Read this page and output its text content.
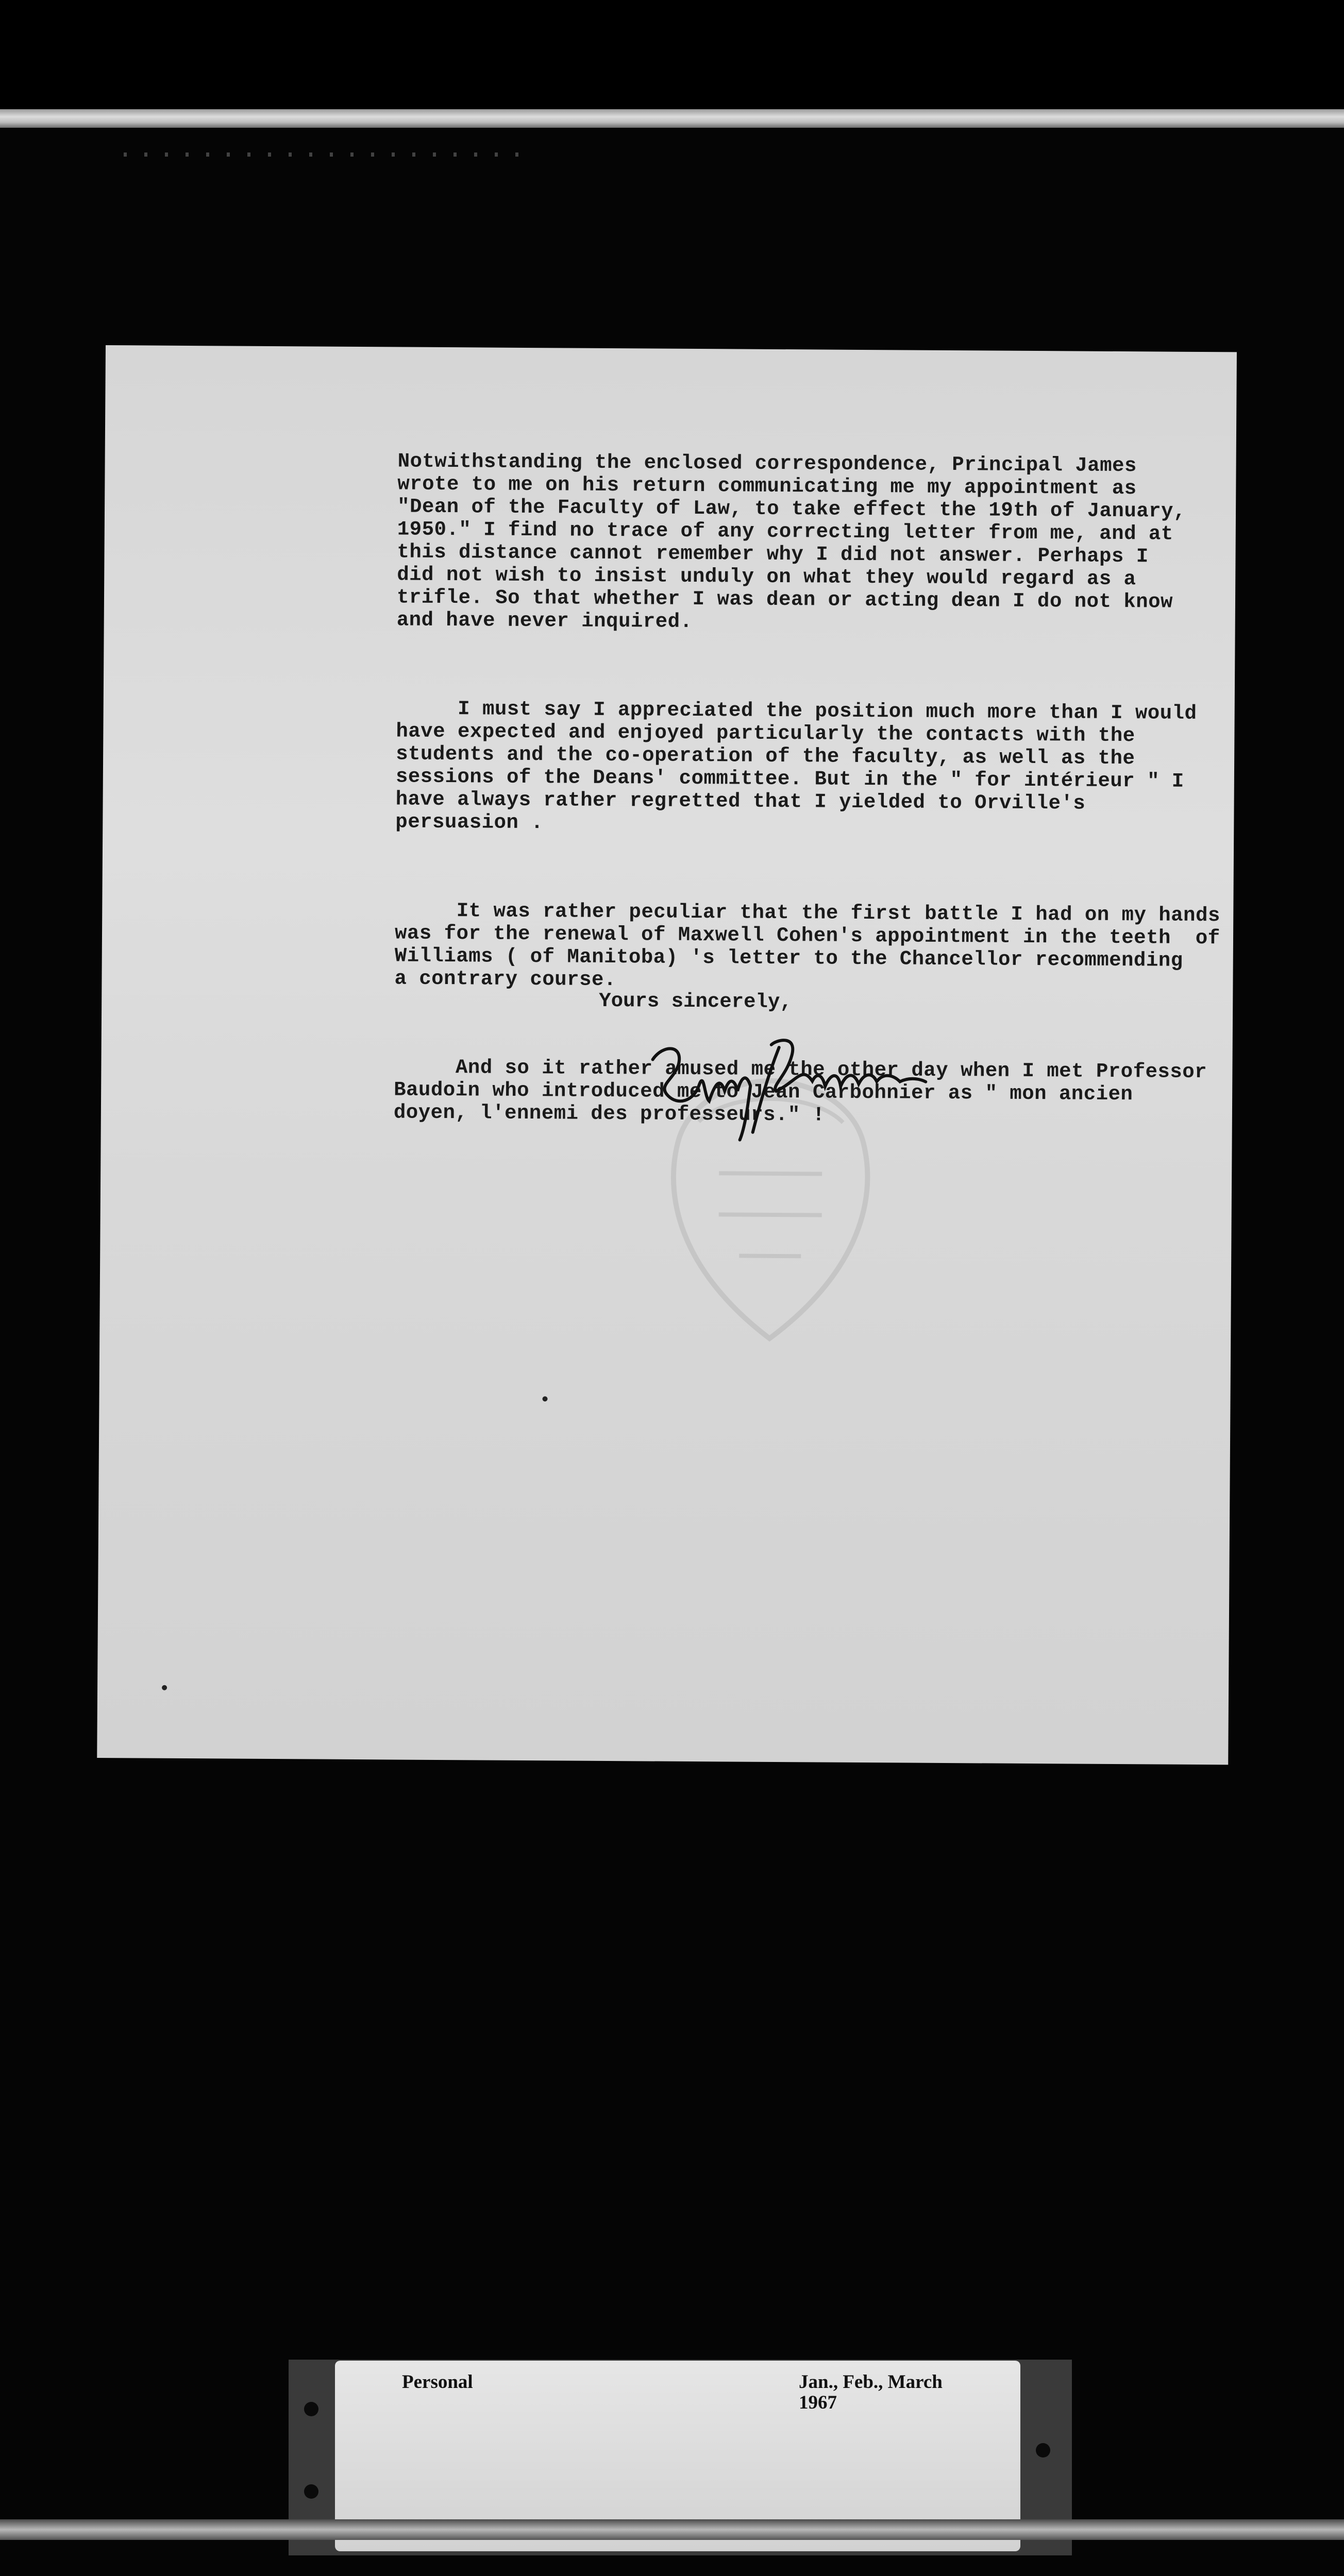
Notwithstanding the enclosed correspondence, Principal James
wrote to me on his return communicating me my appointment as
"Dean of the Faculty of Law, to take effect the 19th of January,
1950." I find no trace of any correcting letter from me, and at
this distance cannot remember why I did not answer. Perhaps I
did not wish to insist unduly on what they would regard as a
trifle. So that whether I was dean or acting dean I do not know
and have never inquired.

I must say I appreciated the position much more than I would
have expected and enjoyed particularly the contacts with the
students and the co-operation of the faculty, as well as the
sessions of the Deans' committee. But in the " for intérieur " I
have always rather regretted that I yielded to Orville's
persuasion .

It was rather peculiar that the first battle I had on my hands
was for the renewal of Maxwell Cohen's appointment in the teeth  of
Williams ( of Manitoba) 's letter to the Chancellor recommending
a contrary course.

And so it rather amused me the other day when I met Professor
Baudoin who introduced me to Jean Carbohnier as " mon ancien
doyen, l'ennemi des professeurs." !

Yours sincerely,
Personal	Jan., Feb., March
1967
